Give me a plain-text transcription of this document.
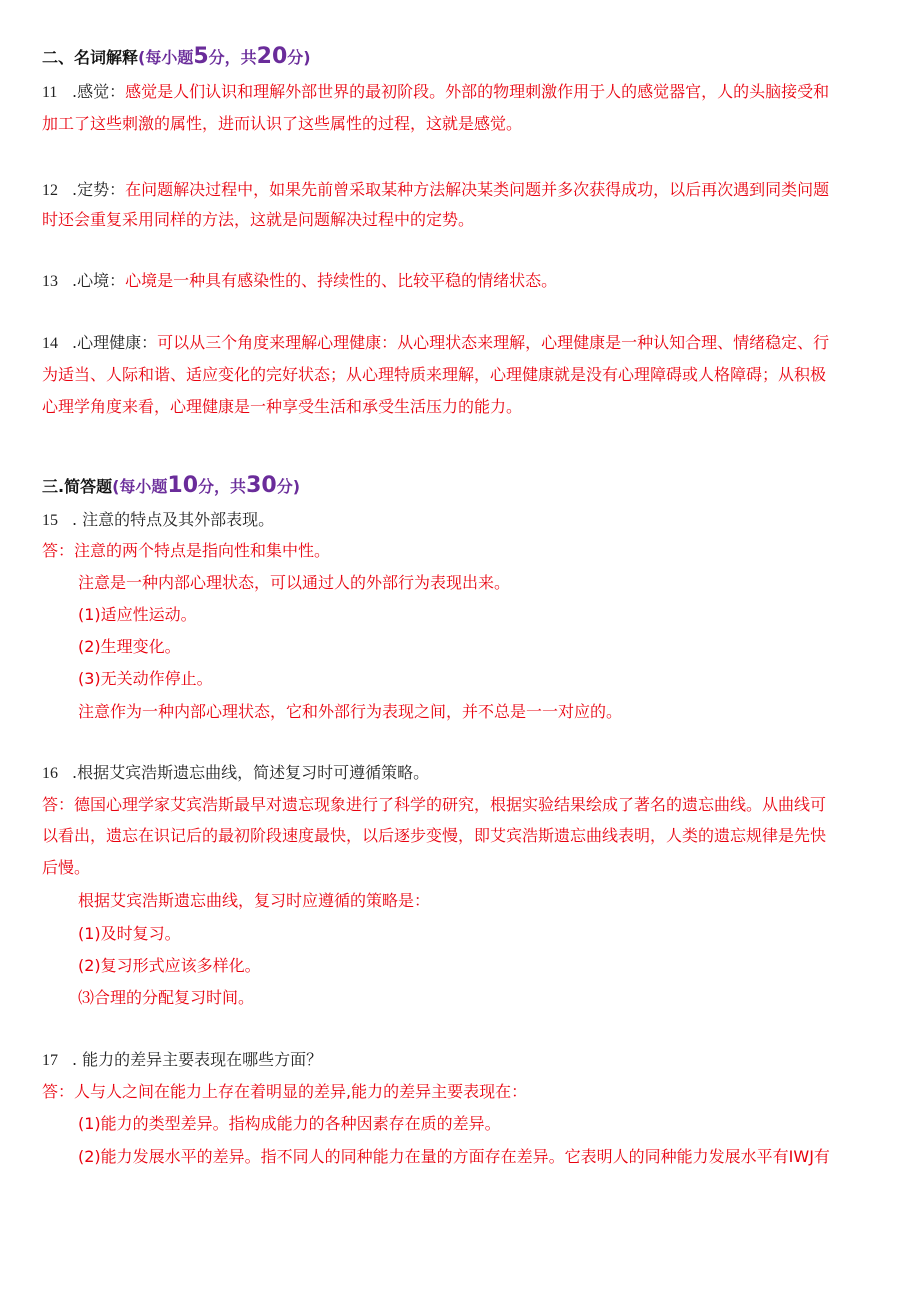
二、名词解释(每小题5分，共20分)
11 .感觉：感觉是人们认识和理解外部世界的最初阶段。外部的物理刺激作用于人的感觉器官，人的头脑接受和
加工了这些刺激的属性，进而认识了这些属性的过程，这就是感觉。
12 .定势：在问题解决过程中，如果先前曾采取某种方法解决某类问题并多次获得成功，以后再次遇到同类问题
时还会重复采用同样的方法，这就是问题解决过程中的定势。
13 .心境：心境是一种具有感染性的、持续性的、比较平稳的情绪状态。
14 .心理健康：可以从三个角度来理解心理健康：从心理状态来理解，心理健康是一种认知合理、情绪稳定、行
为适当、人际和谐、适应变化的完好状态；从心理特质来理解，心理健康就是没有心理障碍或人格障碍；从积极
心理学角度来看，心理健康是一种享受生活和承受生活压力的能力。
三.简答题(每小题10分，共30分)
15 . 注意的特点及其外部表现。
答：注意的两个特点是指向性和集中性。
注意是一种内部心理状态，可以通过人的外部行为表现出来。
(1)适应性运动。
(2)生理变化。
(3)无关动作停止。
注意作为一种内部心理状态，它和外部行为表现之间，并不总是一一对应的。
16 .根据艾宾浩斯遗忘曲线，简述复习时可遵循策略。
答：德国心理学家艾宾浩斯最早对遗忘现象进行了科学的研究，根据实验结果绘成了著名的遗忘曲线。从曲线可
以看出，遗忘在识记后的最初阶段速度最快，以后逐步变慢，即艾宾浩斯遗忘曲线表明，人类的遗忘规律是先快
后慢。
根据艾宾浩斯遗忘曲线，复习时应遵循的策略是：
(1)及时复习。
(2)复习形式应该多样化。
⑶合理的分配复习时间。
17 . 能力的差异主要表现在哪些方面？
答：人与人之间在能力上存在着明显的差异,能力的差异主要表现在：
(1)能力的类型差异。指构成能力的各种因素存在质的差异。
(2)能力发展水平的差异。指不同人的同种能力在量的方面存在差异。它表明人的同种能力发展水平有IWJ有
